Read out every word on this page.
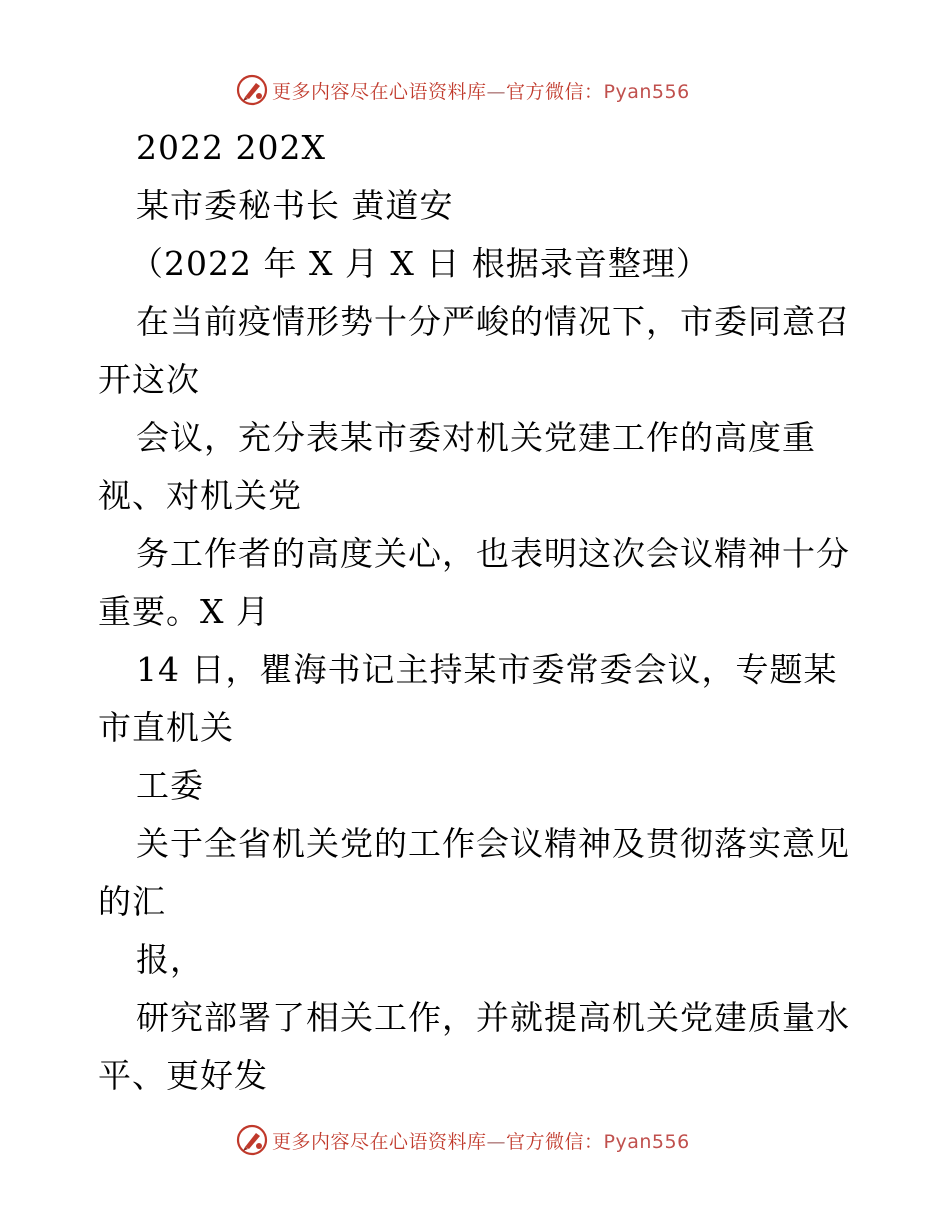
更多内容尽在心语资料库—官方微信：Pyan556
2022 202X
某市委秘书长 黄道安
（2022 年 X 月 X 日 根据录音整理）
在当前疫情形势十分严峻的情况下，市委同意召
开这次
会议，充分表某市委对机关党建工作的高度重
视、对机关党
务工作者的高度关心，也表明这次会议精神十分
重要。X 月
14 日，瞿海书记主持某市委常委会议，专题某
市直机关
工委
关于全省机关党的工作会议精神及贯彻落实意见
的汇
报，
研究部署了相关工作，并就提高机关党建质量水
平、更好发
更多内容尽在心语资料库—官方微信：Pyan556
